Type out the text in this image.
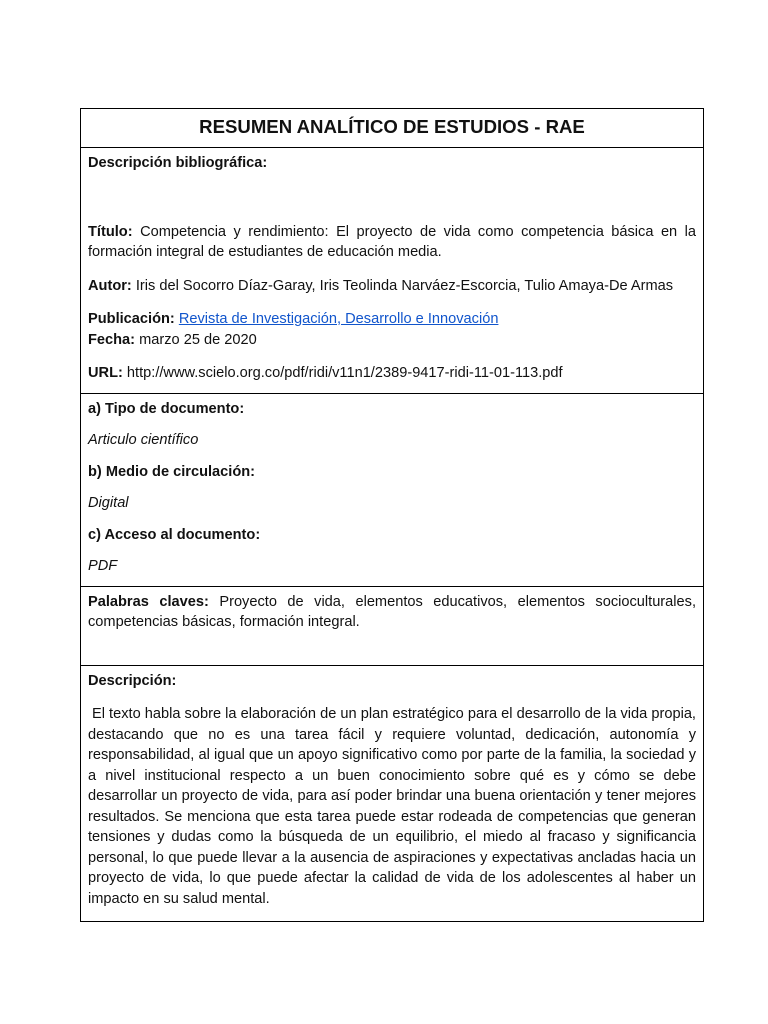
RESUMEN ANALÍTICO DE ESTUDIOS - RAE

Descripción bibliográfica:

Título: Competencia y rendimiento: El proyecto de vida como competencia básica en la formación integral de estudiantes de educación media.

Autor: Iris del Socorro Díaz-Garay, Iris Teolinda Narváez-Escorcia, Tulio Amaya-De Armas

Publicación: Revista de Investigación, Desarrollo e Innovación

Fecha: marzo 25 de 2020

URL: http://www.scielo.org.co/pdf/ridi/v11n1/2389-9417-ridi-11-01-113.pdf

a) Tipo de documento:

Articulo científico

b) Medio de circulación:

Digital

c) Acceso al documento:

PDF

Palabras claves: Proyecto de vida, elementos educativos, elementos socioculturales, competencias básicas, formación integral.

Descripción:

El texto habla sobre la elaboración de un plan estratégico para el desarrollo de la vida propia, destacando que no es una tarea fácil y requiere voluntad, dedicación, autonomía y responsabilidad, al igual que un apoyo significativo como por parte de la familia, la sociedad y a nivel institucional respecto a un buen conocimiento sobre qué es y cómo se debe desarrollar un proyecto de vida, para así poder brindar una buena orientación y tener mejores resultados. Se menciona que esta tarea puede estar rodeada de competencias que generan tensiones y dudas como la búsqueda de un equilibrio, el miedo al fracaso y significancia personal, lo que puede llevar a la ausencia de aspiraciones y expectativas ancladas hacia un proyecto de vida, lo que puede afectar la calidad de vida de los adolescentes al haber un impacto en su salud mental.
